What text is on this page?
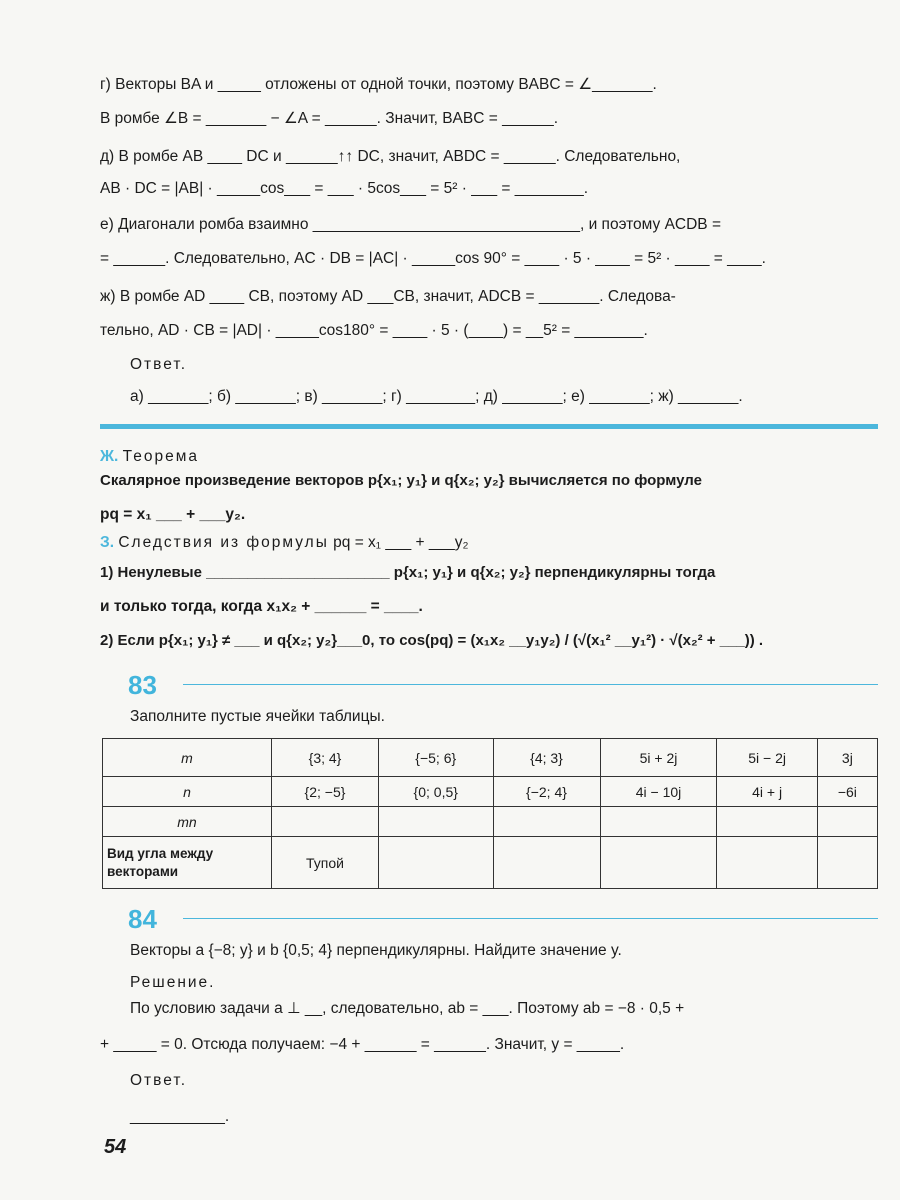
г) Векторы BA и _____ отложены от одной точки, поэтому BABC = ∠_______.
В ромбе ∠B = _______ − ∠A = ______. Значит, BABC = ______.
д) В ромбе AB ____ DC и ______↑↑ DC, значит, ABDC = ______. Следовательно,
AB · DC = |AB| · _____cos___ = ___ · 5cos___ = 5² · ___ = ________.
е) Диагонали ромба взаимно _______________________________, и поэтому ACDB =
= ______. Следовательно, AC · DB = |AC| · _____cos 90° = ____ · 5 · ____ = 5² · ____ = ____.
ж) В ромбе AD ____ CB, поэтому AD ___CB, значит, ADCB = _______. Следова-
тельно, AD · CB = |AD| · _____cos180° = ____ · 5 · (____) = __5² = ________.
Ответ.
а) _______; б) _______; в) _______; г) ________; д) _______; е) _______; ж) _______.
Ж. Теорема
Скалярное произведение векторов p{x₁; y₁} и q{x₂; y₂} вычисляется по формуле
pq = x₁ ___ + ___y₂.
З. Следствия из формулы pq = x₁ ___ + ___y₂
1) Ненулевые ______________________ p{x₁; y₁} и q{x₂; y₂} перпендикулярны тогда
и только тогда, когда x₁x₂ + ______ = ____.
2) Если p{x₁; y₁} ≠ ___ и q{x₂; y₂}___0, то cos(pq) = (x₁x₂ __y₁y₂) / (√(x₁² __y₁²) · √(x₂² + ___)) .
83
Заполните пустые ячейки таблицы.
m	{3; 4}	{−5; 6}	{4; 3}	5i + 2j	5i − 2j	3j
n	{2; −5}	{0; 0,5}	{−2; 4}	4i − 10j	4i + j	−6i
mn						
Вид угла между векторами	Тупой					
84
Векторы a {−8; y} и b {0,5; 4} перпендикулярны. Найдите значение y.
Решение.
По условию задачи a ⊥ __, следовательно, ab = ___. Поэтому ab = −8 · 0,5 +
+ _____ = 0. Отсюда получаем: −4 + ______ = ______. Значит, y = _____.
Ответ.
___________.
54
